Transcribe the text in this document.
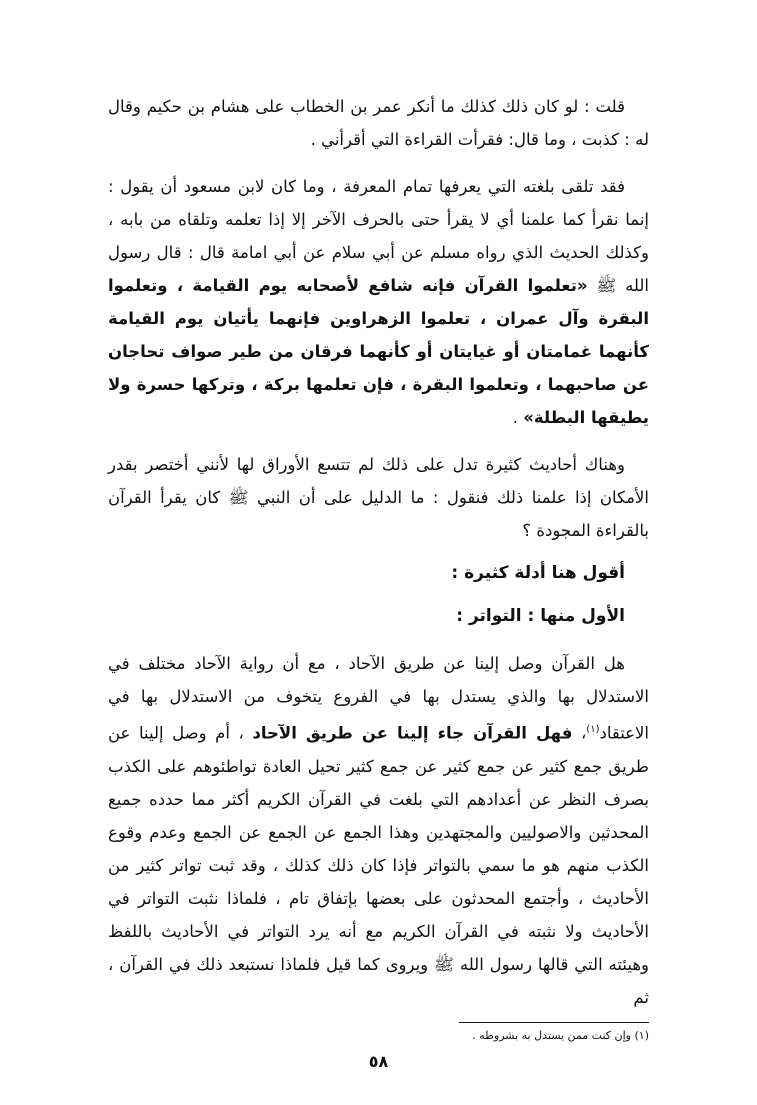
قلت : لو كان ذلك كذلك ما أنكر عمر بن الخطاب على هشام بن حكيم وقال له : كذبت ، وما قال: فقرأت القراءة التي أقرأني .

فقد تلقى بلغته التي يعرفها تمام المعرفة ، وما كان لابن مسعود أن يقول : إنما نقرأ كما علمنا أي لا يقرأ حتى بالحرف الآخر إلا إذا تعلمه وتلقاه من بابه ، وكذلك الحديث الذي رواه مسلم عن أبي سلام عن أبي امامة قال : قال رسول الله ﷺ «تعلموا القرآن فإنه شافع لأصحابه يوم القيامة ، وتعلموا البقرة وآل عمران ، تعلموا الزهراوين فإنهما يأتيان يوم القيامة كأنهما غمامتان أو غيايتان أو كأنهما فرقان من طير صواف تحاجان عن صاحبهما ، وتعلموا البقرة ، فإن تعلمها بركة ، وتركها حسرة ولا يطيقها البطلة» .

وهناك أحاديث كثيرة تدل على ذلك لم تتسع الأوراق لها لأنني أختصر بقدر الأمكان إذا علمنا ذلك فنقول : ما الدليل على أن النبي ﷺ كان يقرأ القرآن بالقراءة المجودة ؟

أقول هنا أدلة كثيرة :
الأول منها : التواتر :

هل القرآن وصل إلينا عن طريق الآحاد ، مع أن رواية الآحاد مختلف في الاستدلال بها والذي يستدل بها في الفروع يتخوف من الاستدلال بها في الاعتقاد$^{(١)}$، فهل القرآن جاء إلينا عن طريق الآحاد ، أم وصل إلينا عن طريق جمع كثير عن جمع كثير عن جمع كثير تحيل العادة تواطئوهم على الكذب بصرف النظر عن أعدادهم التي بلغت في القرآن الكريم أكثر مما حدده جميع المحدثين والاصوليين والمجتهدين وهذا الجمع عن الجمع عن الجمع وعدم وقوع الكذب منهم هو ما سمي بالتواتر فإذا كان ذلك كذلك ، وقد ثبت تواتر كثير من الأحاديث ، وأجتمع المحدثون على بعضها بإتفاق تام ، فلماذا نثبت التواتر في الأحاديث ولا نثبته في القرآن الكريم مع أنه يرد التواتر في الأحاديث باللفظ وهيئته التي قالها رسول الله ﷺ ويروى كما قيل فلماذا نستبعد ذلك في القرآن ، ثم

(١) وإن كنت ممن يستدل به بشروطه .
٥٨
